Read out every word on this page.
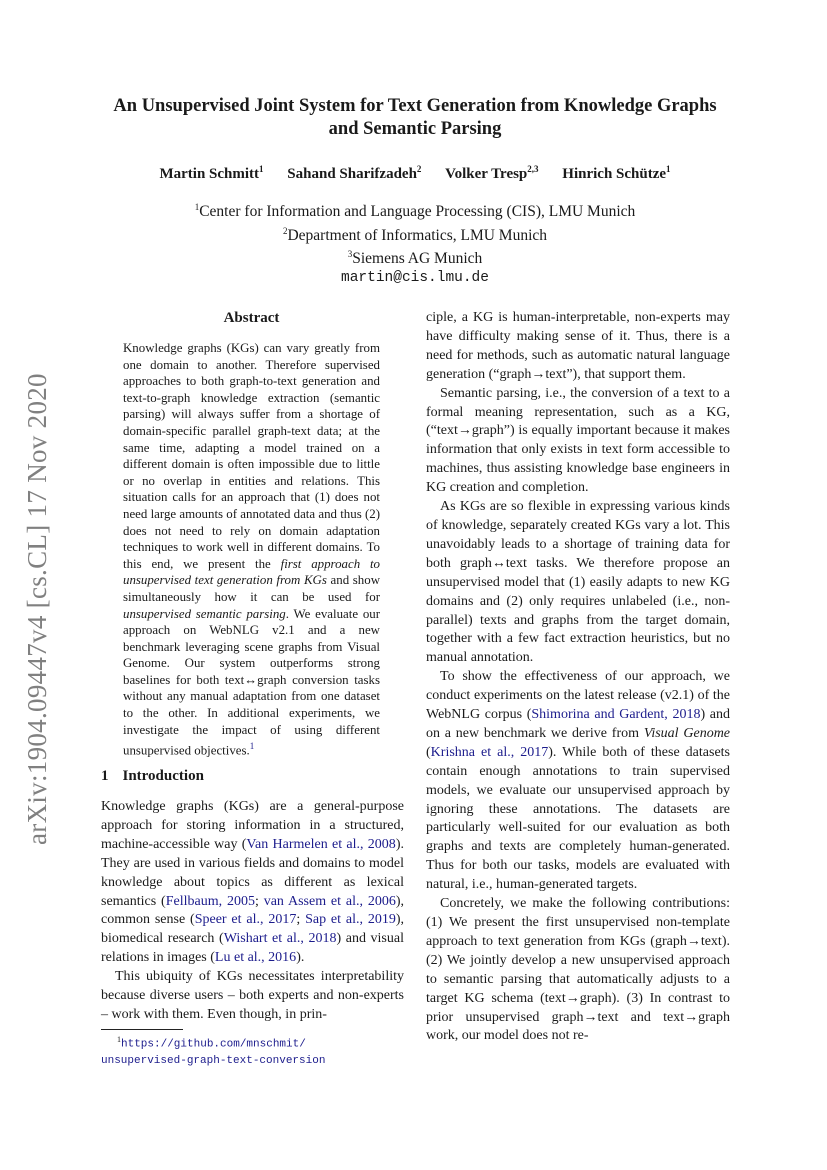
arXiv:1904.09447v4 [cs.CL] 17 Nov 2020
An Unsupervised Joint System for Text Generation from Knowledge Graphs and Semantic Parsing
Martin Schmitt$^1$ Sahand Sharifzadeh$^2$ Volker Tresp$^{2,3}$ Hinrich Schütze$^1$
$^1$Center for Information and Language Processing (CIS), LMU Munich
$^2$Department of Informatics, LMU Munich
$^3$Siemens AG Munich
martin@cis.lmu.de
Abstract
Knowledge graphs (KGs) can vary greatly from one domain to another. Therefore supervised approaches to both graph-to-text generation and text-to-graph knowledge extraction (semantic parsing) will always suffer from a shortage of domain-specific parallel graph-text data; at the same time, adapting a model trained on a different domain is often impossible due to little or no overlap in entities and relations. This situation calls for an approach that (1) does not need large amounts of annotated data and thus (2) does not need to rely on domain adaptation techniques to work well in different domains. To this end, we present the first approach to unsupervised text generation from KGs and show simultaneously how it can be used for unsupervised semantic parsing. We evaluate our approach on WebNLG v2.1 and a new benchmark leveraging scene graphs from Visual Genome. Our system outperforms strong baselines for both text↔graph conversion tasks without any manual adaptation from one dataset to the other. In additional experiments, we investigate the impact of using different unsupervised objectives.$^1$
1 Introduction

Knowledge graphs (KGs) are a general-purpose approach for storing information in a structured, machine-accessible way (Van Harmelen et al., 2008). They are used in various fields and domains to model knowledge about topics as different as lexical semantics (Fellbaum, 2005; van Assem et al., 2006), common sense (Speer et al., 2017; Sap et al., 2019), biomedical research (Wishart et al., 2018) and visual relations in images (Lu et al., 2016).

This ubiquity of KGs necessitates interpretability because diverse users – both experts and non-experts – work with them. Even though, in prin-

$^1$https://github.com/mnschmit/
unsupervised-graph-text-conversion

ciple, a KG is human-interpretable, non-experts may have difficulty making sense of it. Thus, there is a need for methods, such as automatic natural language generation (“graph→text”), that support them.

Semantic parsing, i.e., the conversion of a text to a formal meaning representation, such as a KG, (“text→graph”) is equally important because it makes information that only exists in text form accessible to machines, thus assisting knowledge base engineers in KG creation and completion.

As KGs are so flexible in expressing various kinds of knowledge, separately created KGs vary a lot. This unavoidably leads to a shortage of training data for both graph↔text tasks. We therefore propose an unsupervised model that (1) easily adapts to new KG domains and (2) only requires unlabeled (i.e., non-parallel) texts and graphs from the target domain, together with a few fact extraction heuristics, but no manual annotation.

To show the effectiveness of our approach, we conduct experiments on the latest release (v2.1) of the WebNLG corpus (Shimorina and Gardent, 2018) and on a new benchmark we derive from Visual Genome (Krishna et al., 2017). While both of these datasets contain enough annotations to train supervised models, we evaluate our unsupervised approach by ignoring these annotations. The datasets are particularly well-suited for our evaluation as both graphs and texts are completely human-generated. Thus for both our tasks, models are evaluated with natural, i.e., human-generated targets.

Concretely, we make the following contributions: (1) We present the first unsupervised non-template approach to text generation from KGs (graph→text). (2) We jointly develop a new unsupervised approach to semantic parsing that automatically adjusts to a target KG schema (text→graph). (3) In contrast to prior unsupervised graph→text and text→graph work, our model does not re-
